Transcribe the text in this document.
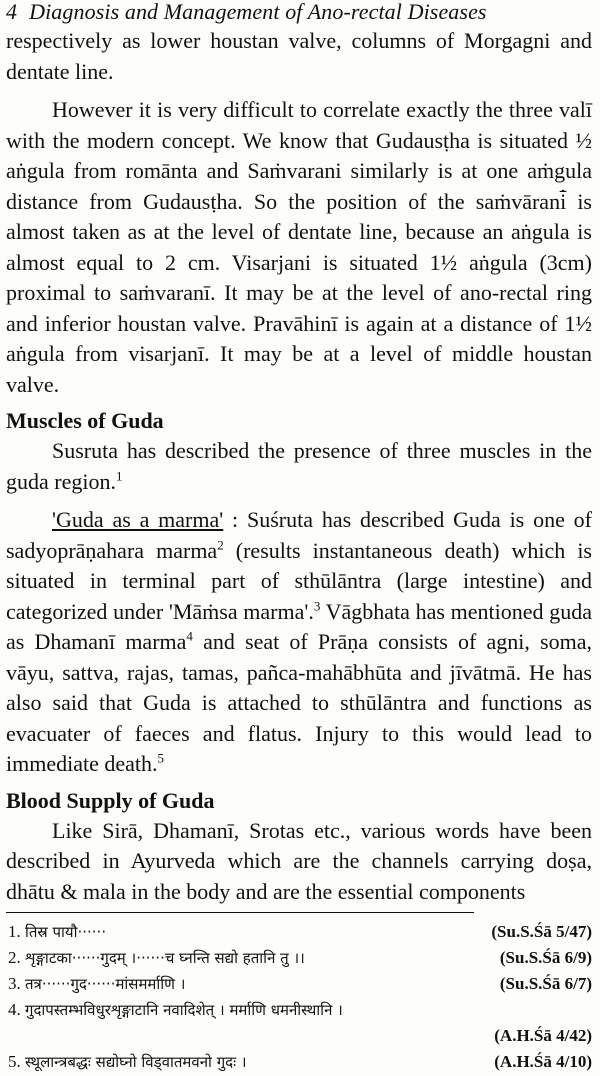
4 Diagnosis and Management of Ano-rectal Diseases

respectively as lower houstan valve, columns of Morgagni and dentate line.

However it is very difficult to correlate exactly the three valī with the modern concept. We know that Gudausṭha is situated ½ aṅgula from romānta and Saṁvarani similarly is at one aṁgula distance from Gudausṭha. So the position of the saṁvārani̇̄ is almost taken as at the level of dentate line, because an aṅgula is almost equal to 2 cm. Visarjani is situated 1½ aṅgula (3cm) proximal to saṁvaranī. It may be at the level of ano-rectal ring and inferior houstan valve. Pravāhinī is again at a distance of 1½ aṅgula from visarjanī. It may be at a level of middle houstan valve.

Muscles of Guda

Susruta has described the presence of three muscles in the guda region.$^1$

'Guda as a marma' : Suśruta has described Guda is one of sadyoprāṇahara marma$^2$ (results instantaneous death) which is situated in terminal part of sthūlāntra (large intestine) and categorized under 'Māṁsa marma'.$^3$ Vāgbhata has mentioned guda as Dhamanī marma$^4$ and seat of Prāṇa consists of agni, soma, vāyu, sattva, rajas, tamas, pañca-mahābhūta and jīvātmā. He has also said that Guda is attached to sthūlāntra and functions as evacuater of faeces and flatus. Injury to this would lead to immediate death.$^5$

Blood Supply of Guda

Like Sirā, Dhamanī, Srotas etc., various words have been described in Ayurveda which are the channels carrying doṣa, dhātu & mala in the body and are the essential components

1. तिस्र पायौ······	(Su.S.Śā 5/47)
2. शृङ्गाटका······गुदम् ।······च घ्नन्ति सद्यो हतानि तु ।।	(Su.S.Śā 6/9)
3. तत्र······गुद······मांसमर्माणि ।	(Su.S.Śā 6/7)
4. गुदापस्तम्भविधुरशृङ्गाटानि नवादिशेत् । मर्माणि धमनीस्थानि ।
(A.H.Śā 4/42)
5. स्थूलान्त्रबद्धः सद्योघ्नो विड्वातमवनो गुदः ।	(A.H.Śā 4/10)
